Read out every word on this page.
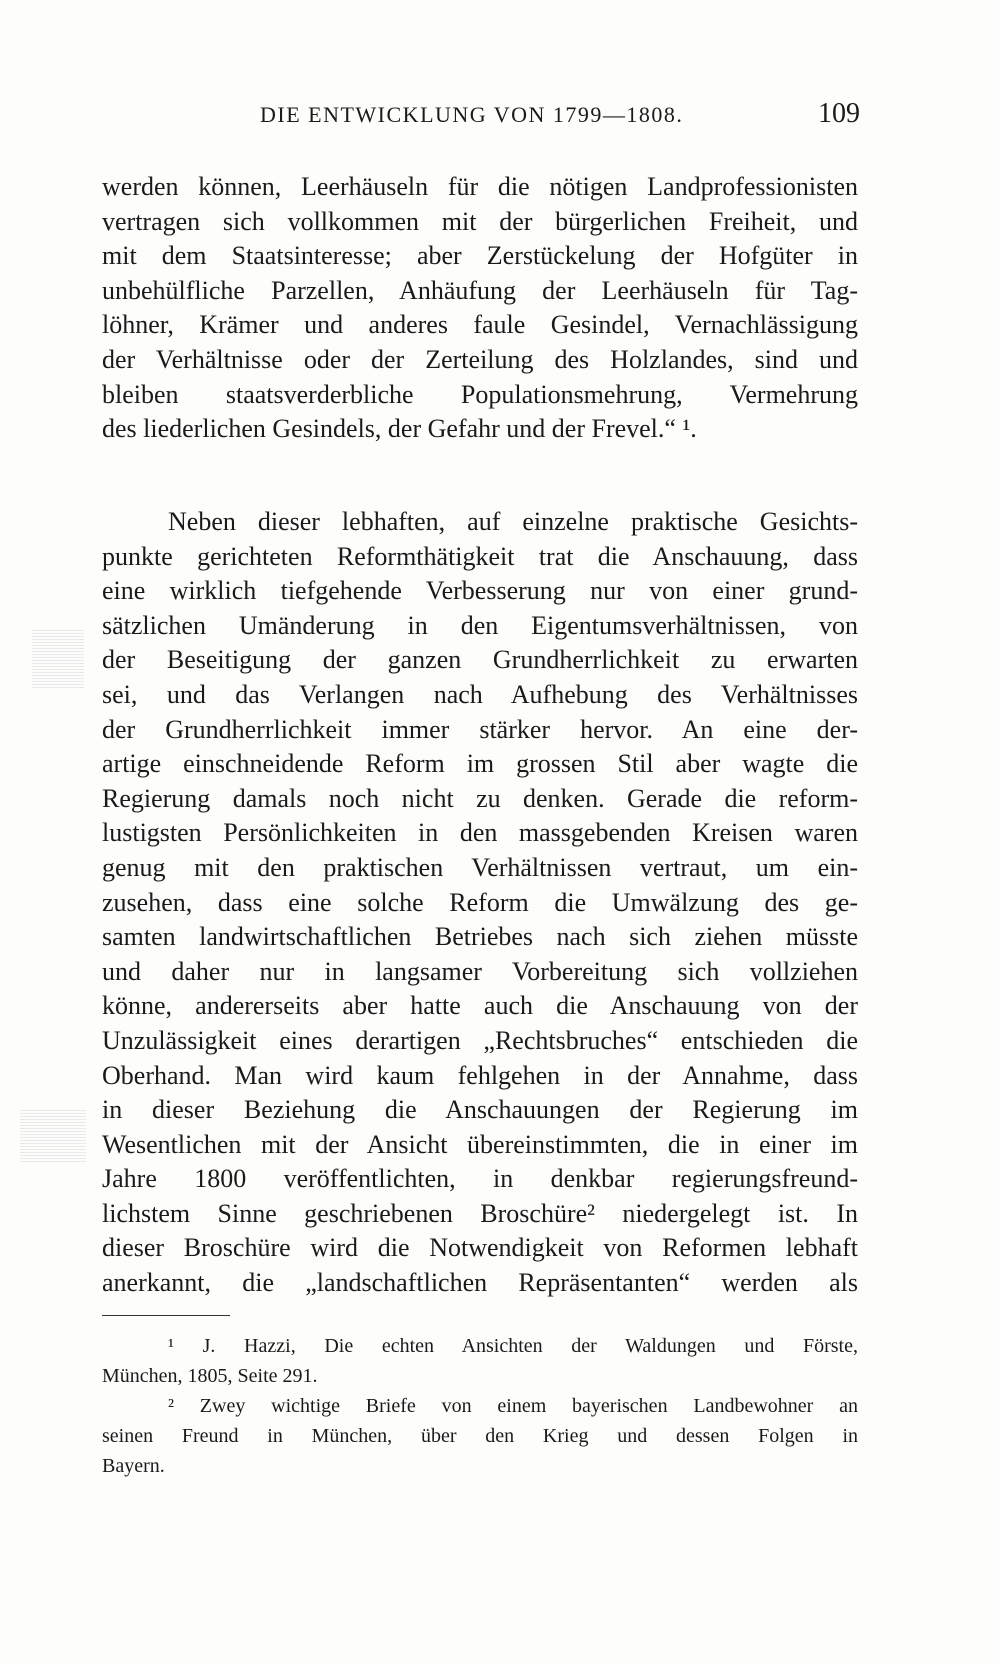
DIE ENTWICKLUNG VON 1799—1808.	109
werden können, Leerhäuseln für die nötigen Landprofessionisten
vertragen sich vollkommen mit der bürgerlichen Freiheit, und
mit dem Staatsinteresse; aber Zerstückelung der Hofgüter in
unbehülfliche Parzellen, Anhäufung der Leerhäuseln für Tag-
löhner, Krämer und anderes faule Gesindel, Vernachlässigung
der Verhältnisse oder der Zerteilung des Holzlandes, sind und
bleiben staatsverderbliche Populationsmehrung, Vermehrung
des liederlichen Gesindels, der Gefahr und der Frevel.“ ¹.
Neben dieser lebhaften, auf einzelne praktische Gesichts-
punkte gerichteten Reformthätigkeit trat die Anschauung, dass
eine wirklich tiefgehende Verbesserung nur von einer grund-
sätzlichen Umänderung in den Eigentumsverhältnissen, von
der Beseitigung der ganzen Grundherrlichkeit zu erwarten
sei, und das Verlangen nach Aufhebung des Verhältnisses
der Grundherrlichkeit immer stärker hervor. An eine der-
artige einschneidende Reform im grossen Stil aber wagte die
Regierung damals noch nicht zu denken. Gerade die reform-
lustigsten Persönlichkeiten in den massgebenden Kreisen waren
genug mit den praktischen Verhältnissen vertraut, um ein-
zusehen, dass eine solche Reform die Umwälzung des ge-
samten landwirtschaftlichen Betriebes nach sich ziehen müsste
und daher nur in langsamer Vorbereitung sich vollziehen
könne, andererseits aber hatte auch die Anschauung von der
Unzulässigkeit eines derartigen „Rechtsbruches“ entschieden die
Oberhand. Man wird kaum fehlgehen in der Annahme, dass
in dieser Beziehung die Anschauungen der Regierung im
Wesentlichen mit der Ansicht übereinstimmten, die in einer im
Jahre 1800 veröffentlichten, in denkbar regierungsfreund-
lichstem Sinne geschriebenen Broschüre² niedergelegt ist. In
dieser Broschüre wird die Notwendigkeit von Reformen lebhaft
anerkannt, die „landschaftlichen Repräsentanten“ werden als
¹ J. Hazzi, Die echten Ansichten der Waldungen und Förste,
München, 1805, Seite 291.
² Zwey wichtige Briefe von einem bayerischen Landbewohner an
seinen Freund in München, über den Krieg und dessen Folgen in
Bayern.
